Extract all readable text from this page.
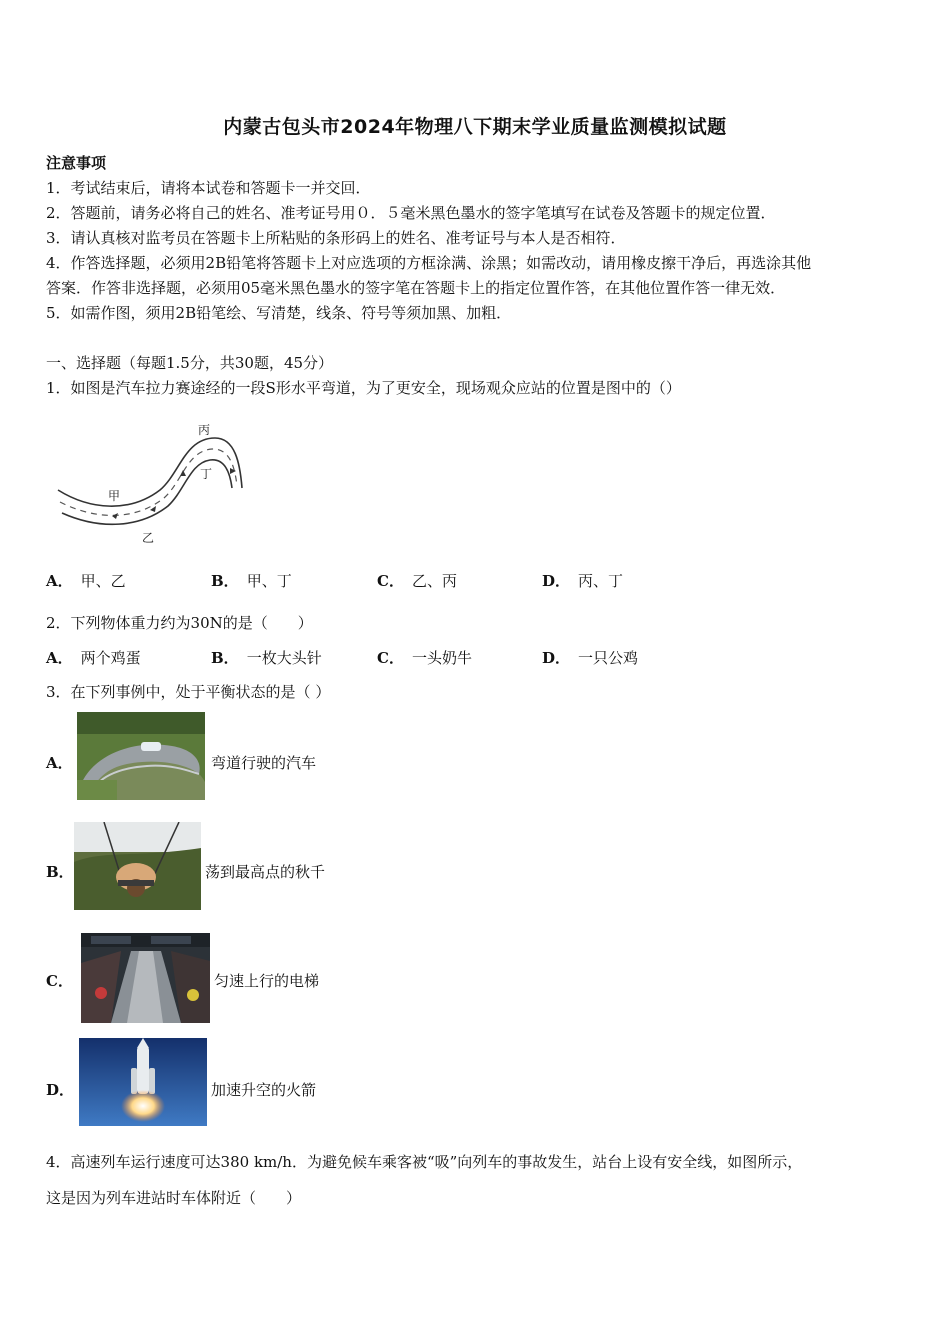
内蒙古包头市2024年物理八下期末学业质量监测模拟试题
注意事项
1．考试结束后，请将本试卷和答题卡一并交回．
2．答题前，请务必将自己的姓名、准考证号用０．５毫米黑色墨水的签字笔填写在试卷及答题卡的规定位置．
3．请认真核对监考员在答题卡上所粘贴的条形码上的姓名、准考证号与本人是否相符．
4．作答选择题，必须用2B铅笔将答题卡上对应选项的方框涂满、涂黑；如需改动，请用橡皮擦干净后，再选涂其他
答案．作答非选择题，必须用05毫米黑色墨水的签字笔在答题卡上的指定位置作答，在其他位置作答一律无效．
5．如需作图，须用2B铅笔绘、写清楚，线条、符号等须加黑、加粗．
一、选择题（每题1.5分，共30题，45分）
1．如图是汽车拉力赛途经的一段S形水平弯道，为了更安全，现场观众应站的位置是图中的（）
丙
丁
甲
乙
A． 甲、乙	B． 甲、丁	C． 乙、丙	D． 丙、丁
2．下列物体重力约为30N的是（　　）
A． 两个鸡蛋	B． 一枚大头针	C． 一头奶牛	D． 一只公鸡
3．在下列事例中，处于平衡状态的是（ ）
A．	弯道行驶的汽车
B．	荡到最高点的秋千
C．	匀速上行的电梯
D．	加速升空的火箭
4．高速列车运行速度可达380 km/h．为避免候车乘客被“吸”向列车的事故发生，站台上设有安全线，如图所示，
这是因为列车进站时车体附近（　　）
